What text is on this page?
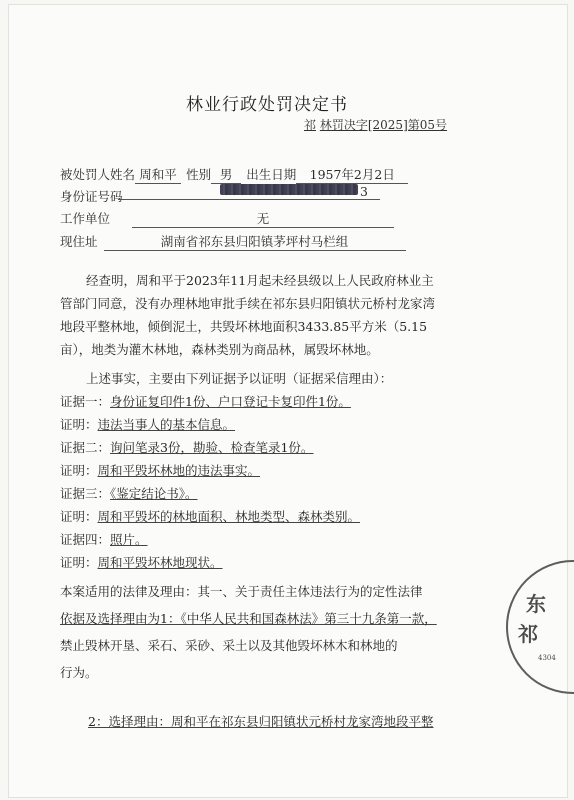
林业行政处罚决定书
祁 林罚决字[2025]第05号
被处罚人姓名 周和平 性别 男 出生日期 1957年2月2日
身份证号码	3
工作单位	无
现住址	湖南省祁东县归阳镇茅坪村马栏组
经查明，周和平于2023年11月起未经县级以上人民政府林业主
管部门同意，没有办理林地审批手续在祁东县归阳镇状元桥村龙家湾
地段平整林地，倾倒泥土，共毁坏林地面积3433.85平方米（5.15
亩），地类为灌木林地，森林类别为商品林，属毁坏林地。
上述事实，主要由下列证据予以证明（证据采信理由）：
证据一：身份证复印件1份、户口登记卡复印件1份。
证明：违法当事人的基本信息。
证据二：询问笔录3份，勘验、检查笔录1份。
证明：周和平毁坏林地的违法事实。
证据三：《鉴定结论书》。
证明：周和平毁坏的林地面积、林地类型、森林类别。
证据四：照片。
证明：周和平毁坏林地现状。
本案适用的法律及理由：其一、关于责任主体违法行为的定性法律
依据及选择理由为1：《中华人民共和国森林法》第三十九条第一款，
禁止毁林开垦、采石、采砂、采土以及其他毁坏林木和林地的
行为。
2：选择理由：周和平在祁东县归阳镇状元桥村龙家湾地段平整
祁
东
4304
